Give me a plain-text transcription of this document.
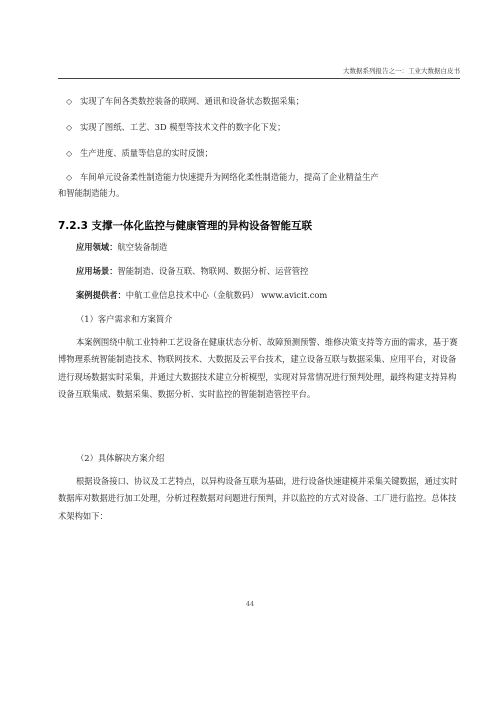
大数据系列报告之一：工业大数据白皮书
◇ 实现了车间各类数控装备的联网、通讯和设备状态数据采集；
◇ 实现了图纸、工艺、3D 模型等技术文件的数字化下发；
◇ 生产进度、质量等信息的实时反馈；
◇ 车间单元设备柔性制造能力快速提升为网络化柔性制造能力，提高了企业精益生产
和智能制造能力。
7.2.3 支撑一体化监控与健康管理的异构设备智能互联
应用领域：航空装备制造
应用场景：智能制造、设备互联、物联网、数据分析、运营管控
案例提供者：中航工业信息技术中心（金航数码） www.avicit.com
（1）客户需求和方案简介
本案例围绕中航工业特种工艺设备在健康状态分析、故障预测预警、维修决策支持等方面的需求，基于赛博物理系统智能制造技术、物联网技术、大数据及云平台技术，建立设备互联与数据采集、应用平台，对设备进行现场数据实时采集，并通过大数据技术建立分析模型，实现对异常情况进行预判处理，最终构建支持异构设备互联集成、数据采集、数据分析、实时监控的智能制造管控平台。
（2）具体解决方案介绍
根据设备接口、协议及工艺特点，以异构设备互联为基础，进行设备快速建模并采集关键数据，通过实时数据库对数据进行加工处理，分析过程数据对问题进行预判，并以监控的方式对设备、工厂进行监控。总体技术架构如下：
44
